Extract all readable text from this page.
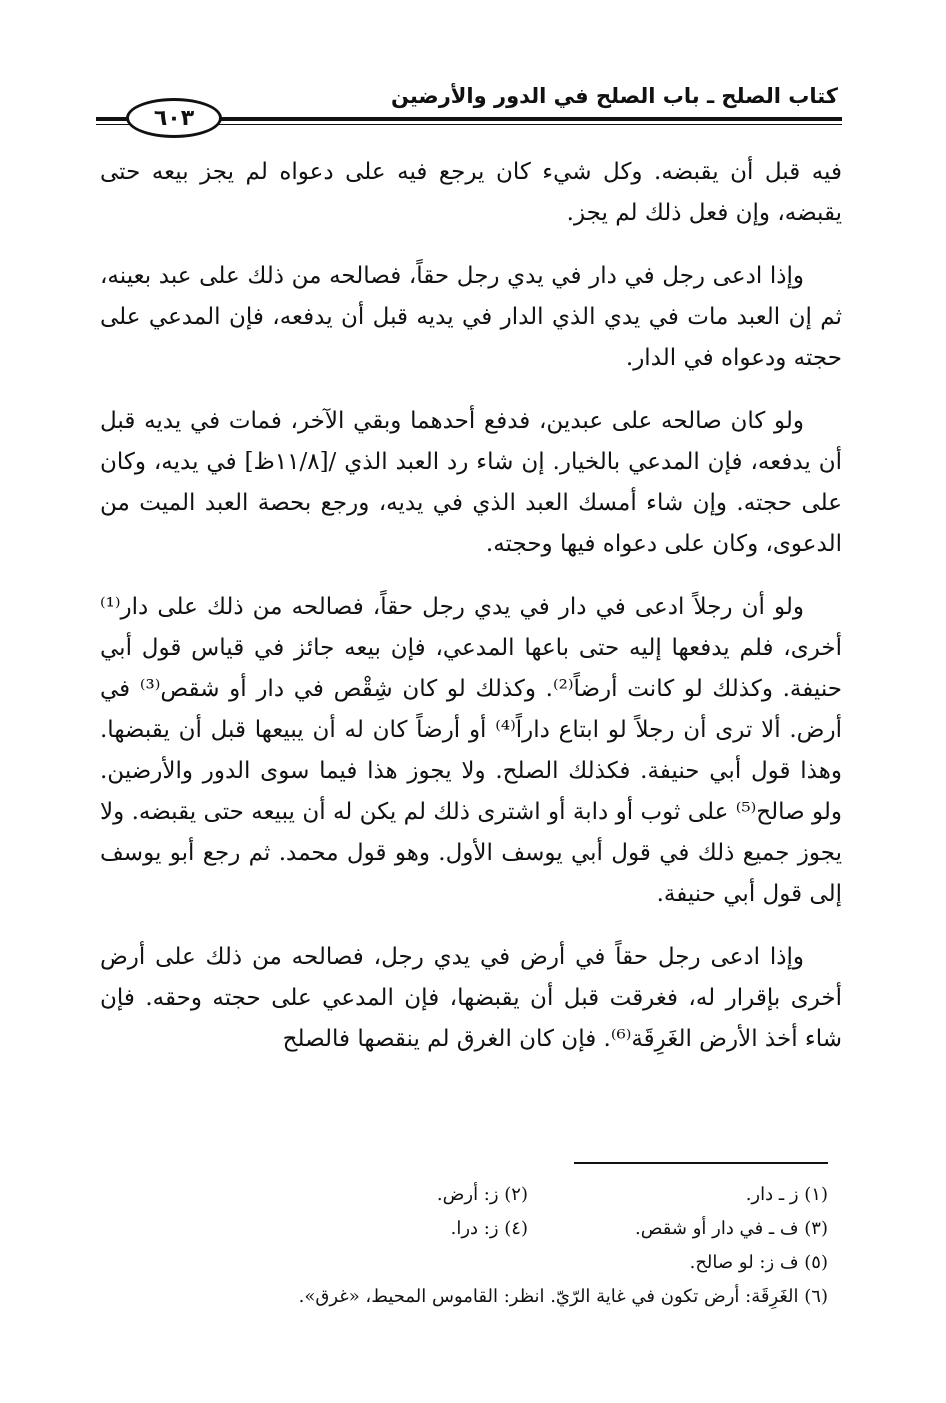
كتاب الصلح ـ باب الصلح في الدور والأرضين
٦٠٣

فيه قبل أن يقبضه. وكل شيء كان يرجع فيه على دعواه لم يجز بيعه حتى يقبضه، وإن فعل ذلك لم يجز.

وإذا ادعى رجل في دار في يدي رجل حقاً، فصالحه من ذلك على عبد بعينه، ثم إن العبد مات في يدي الذي الدار في يديه قبل أن يدفعه، فإن المدعي على حجته ودعواه في الدار.

ولو كان صالحه على عبدين، فدفع أحدهما وبقي الآخر، فمات في يديه قبل أن يدفعه، فإن المدعي بالخيار. إن شاء رد العبد الذي /[١١/٨ظ] في يديه، وكان على حجته. وإن شاء أمسك العبد الذي في يديه، ورجع بحصة العبد الميت من الدعوى، وكان على دعواه فيها وحجته.

ولو أن رجلاً ادعى في دار في يدي رجل حقاً، فصالحه من ذلك على دار⁽¹⁾ أخرى، فلم يدفعها إليه حتى باعها المدعي، فإن بيعه جائز في قياس قول أبي حنيفة. وكذلك لو كانت أرضاً⁽²⁾. وكذلك لو كان شِقْص في دار أو شقص⁽³⁾ في أرض. ألا ترى أن رجلاً لو ابتاع داراً⁽⁴⁾ أو أرضاً كان له أن يبيعها قبل أن يقبضها. وهذا قول أبي حنيفة. فكذلك الصلح. ولا يجوز هذا فيما سوى الدور والأرضين. ولو صالح⁽⁵⁾ على ثوب أو دابة أو اشترى ذلك لم يكن له أن يبيعه حتى يقبضه. ولا يجوز جميع ذلك في قول أبي يوسف الأول. وهو قول محمد. ثم رجع أبو يوسف إلى قول أبي حنيفة.

وإذا ادعى رجل حقاً في أرض في يدي رجل، فصالحه من ذلك على أرض أخرى بإقرار له، فغرقت قبل أن يقبضها، فإن المدعي على حجته وحقه. فإن شاء أخذ الأرض الغَرِقَة⁽⁶⁾. فإن كان الغرق لم ينقصها فالصلح

(١) ز ـ دار.
(٢) ز: أرض.
(٣) ف ـ في دار أو شقص.
(٤) ز: درا.
(٥) ف ز: لو صالح.
(٦) الغَرِقَة: أرض تكون في غاية الرّيّ. انظر: القاموس المحيط، «غرق».
